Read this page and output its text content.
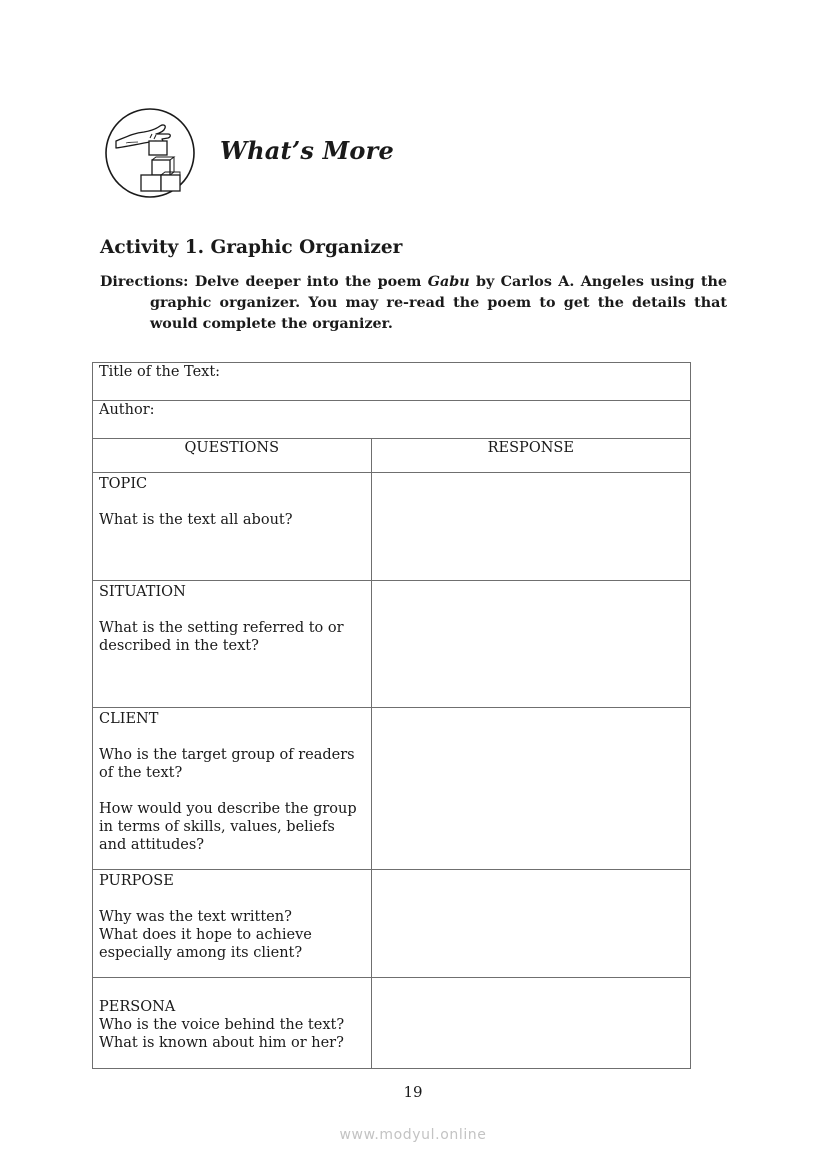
What’s More
Activity 1. Graphic Organizer
Directions: Delve deeper into the poem Gabu by Carlos A. Angeles using the graphic organizer. You may re-read the poem to get the details that would complete the organizer.
Title of the Text:	
Author:	
QUESTIONS	RESPONSE

TOPIC
What is the text all about?	

SITUATION
What is the setting referred to or described in the text?	

CLIENT
Who is the target group of readers of the text?
How would you describe the group in terms of skills, values, beliefs and attitudes?	

PURPOSE
Why was the text written?
What does it hope to achieve especially among its client?	

PERSONA
Who is the voice behind the text?
What is known about him or her?	

19
www.modyul.online
